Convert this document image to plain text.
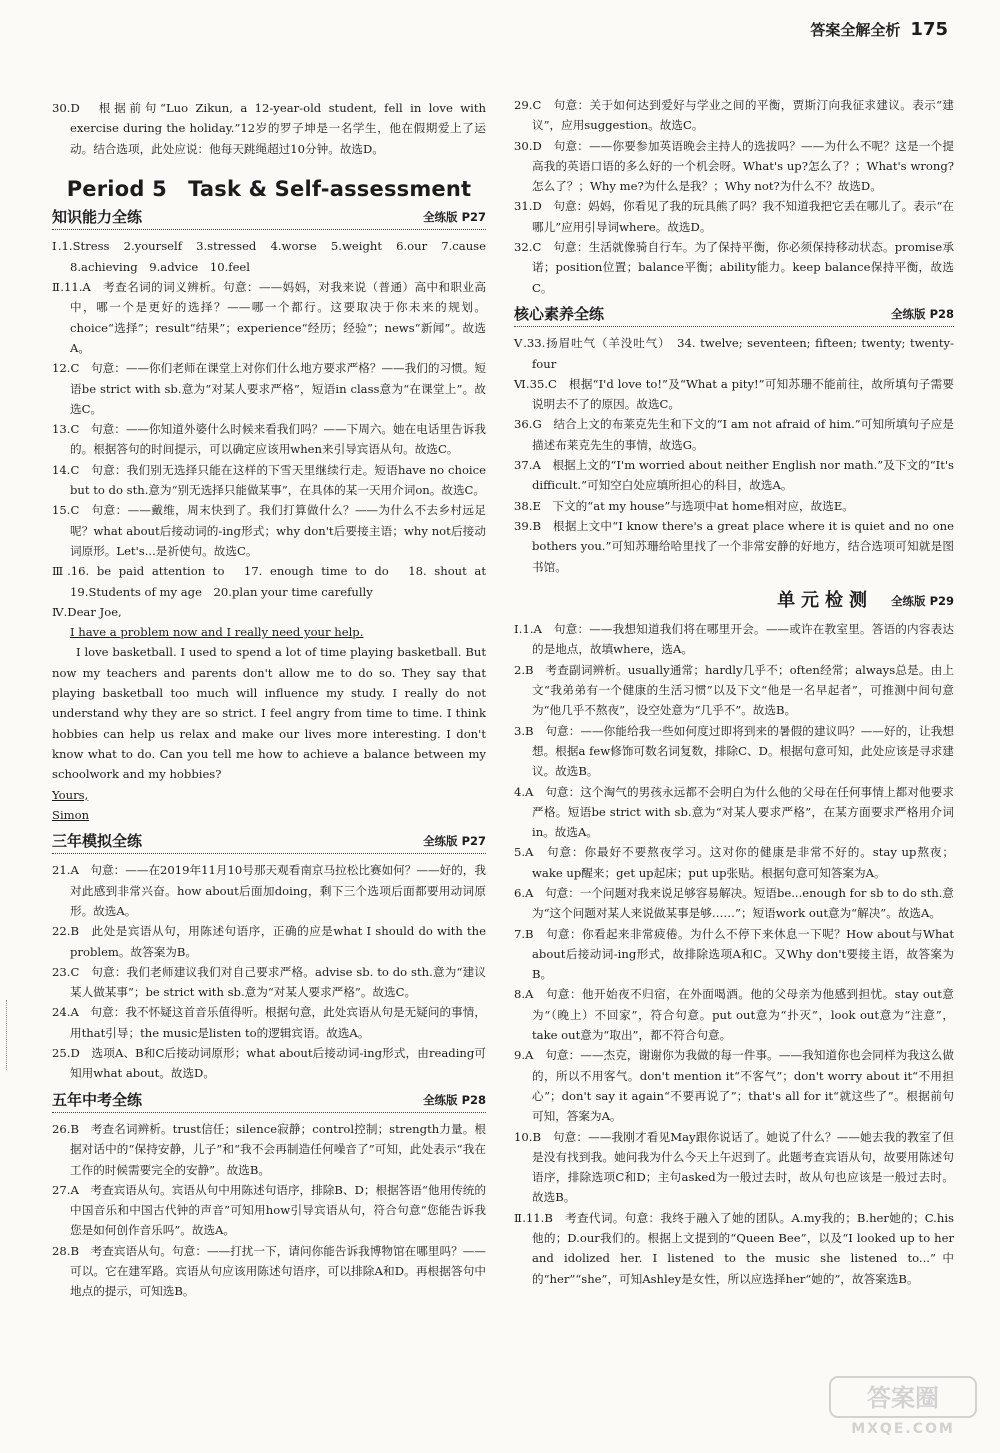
答案全解全析 175

30.D　根据前句“Luo Zikun, a 12-year-old student, fell in love with exercise during the holiday.”12岁的罗子坤是一名学生，他在假期爱上了运动。结合选项，此处应说：他每天跳绳超过10分钟。故选D。

Period 5　Task & Self-assessment
知识能力全练	全练版 P27

Ⅰ.1.Stress　2.yourself　3.stressed　4.worse　5.weight　6.our　7.cause　8.achieving　9.advice　10.feel

Ⅱ.11.A　考查名词的词义辨析。句意：——妈妈，对我来说（普通）高中和职业高中，哪一个是更好的选择？——哪一个都行。这要取决于你未来的规划。choice“选择”；result“结果”；experience“经历；经验”；news“新闻”。故选A。

12.C　句意：——你们老师在课堂上对你们什么地方要求严格？——我们的习惯。短语be strict with sb.意为“对某人要求严格”，短语in class意为“在课堂上”。故选C。

13.C　句意：——你知道外婆什么时候来看我们吗？——下周六。她在电话里告诉我的。根据答句的时间提示，可以确定应该用when来引导宾语从句。故选C。

14.C　句意：我们别无选择只能在这样的下雪天里继续行走。短语have no choice but to do sth.意为“别无选择只能做某事”，在具体的某一天用介词on。故选C。

15.C　句意：——戴维，周末快到了。我们打算做什么？——为什么不去乡村远足呢？what about后接动词的-ing形式；why don't后要接主语；why not后接动词原形。Let's...是祈使句。故选C。

Ⅲ.16. be paid attention to　17. enough time to do　18. shout at　19.Students of my age　20.plan your time carefully

Ⅳ.Dear Joe,

I have a problem now and I really need your help.

I love basketball. I used to spend a lot of time playing basketball. But now my teachers and parents don't allow me to do so. They say that playing basketball too much will influence my study. I really do not understand why they are so strict. I feel angry from time to time. I think hobbies can help us relax and make our lives more interesting. I don't know what to do. Can you tell me how to achieve a balance between my schoolwork and my hobbies?

Yours,

Simon

三年模拟全练	全练版 P27

21.A　句意：——在2019年11月10号那天观看南京马拉松比赛如何？——好的，我对此感到非常兴奋。how about后面加doing，剩下三个选项后面都要用动词原形。故选A。

22.B　此处是宾语从句，用陈述句语序，正确的应是what I should do with the problem。故答案为B。

23.C　句意：我们老师建议我们对自己要求严格。advise sb. to do sth.意为“建议某人做某事”；be strict with sb.意为“对某人要求严格”。故选C。

24.A　句意：我不怀疑这首音乐值得听。根据句意，此处宾语从句是无疑问的事情，用that引导；the music是listen to的逻辑宾语。故选A。

25.D　选项A、B和C后接动词原形；what about后接动词-ing形式，由reading可知用what about。故选D。

五年中考全练	全练版 P28

26.B　考查名词辨析。trust信任；silence寂静；control控制；strength力量。根据对话中的“保持安静，儿子”和“我不会再制造任何噪音了”可知，此处表示“我在工作的时候需要完全的安静”。故选B。

27.A　考查宾语从句。宾语从句中用陈述句语序，排除B、D；根据答语“他用传统的中国音乐和中国古代钟的声音”可知用how引导宾语从句，符合句意“您能告诉我您是如何创作音乐吗”。故选A。

28.B　考查宾语从句。句意：——打扰一下，请问你能告诉我博物馆在哪里吗？——可以。它在建军路。宾语从句应该用陈述句语序，可以排除A和D。再根据答句中地点的提示，可知选B。

29.C　句意：关于如何达到爱好与学业之间的平衡，贾斯汀向我征求建议。表示“建议”，应用suggestion。故选C。

30.D　句意：——你要参加英语晚会主持人的选拔吗？——为什么不呢？这是一个提高我的英语口语的多么好的一个机会呀。What's up?怎么了？；What's wrong?怎么了？；Why me?为什么是我？；Why not?为什么不？故选D。

31.D　句意：妈妈，你看见了我的玩具熊了吗？我不知道我把它丢在哪儿了。表示“在哪儿”应用引导词where。故选D。

32.C　句意：生活就像骑自行车。为了保持平衡，你必须保持移动状态。promise承诺；position位置；balance平衡；ability能力。keep balance保持平衡，故选C。

核心素养全练	全练版 P28

Ⅴ.33.扬眉吐气（羊没吐气）　34. twelve; seventeen; fifteen; twenty; twenty-four

Ⅵ.35.C　根据“I'd love to!”及“What a pity!”可知苏珊不能前往，故所填句子需要说明去不了的原因。故选C。

36.G　结合上文的布莱克先生和下文的“I am not afraid of him.”可知所填句子应是描述布莱克先生的事情，故选G。

37.A　根据上文的“I'm worried about neither English nor math.”及下文的“It's difficult.”可知空白处应填所担心的科目，故选A。

38.E　下文的“at my house”与选项中at home相对应，故选E。

39.B　根据上文中“I know there's a great place where it is quiet and no one bothers you.”可知苏珊给哈里找了一个非常安静的好地方，结合选项可知就是图书馆。

单元检测 全练版 P29

Ⅰ.1.A　句意：——我想知道我们将在哪里开会。——或许在教室里。答语的内容表达的是地点，故填where，选A。

2.B　考查副词辨析。usually通常；hardly几乎不；often经常；always总是。由上文“我弟弟有一个健康的生活习惯”以及下文“他是一名早起者”，可推测中间句意为“他几乎不熬夜”，设空处意为“几乎不”。故选B。

3.B　句意：——你能给我一些如何度过即将到来的暑假的建议吗？——好的，让我想想。根据a few修饰可数名词复数，排除C、D。根据句意可知，此处应该是寻求建议。故选B。

4.A　句意：这个淘气的男孩永远都不会明白为什么他的父母在任何事情上都对他要求严格。短语be strict with sb.意为“对某人要求严格”，在某方面要求严格用介词in。故选A。

5.A　句意：你最好不要熬夜学习。这对你的健康是非常不好的。stay up熬夜；wake up醒来；get up起床；put up张贴。根据句意可知答案为A。

6.A　句意：一个问题对我来说足够容易解决。短语be...enough for sb to do sth.意为“这个问题对某人来说做某事是够……”；短语work out意为“解决”。故选A。

7.B　句意：你看起来非常疲倦。为什么不停下来休息一下呢？How about与What about后接动词-ing形式，故排除选项A和C。又Why don't要接主语，故答案为B。

8.A　句意：他开始夜不归宿，在外面喝酒。他的父母亲为他感到担忧。stay out意为“（晚上）不回家”，符合句意。put out意为“扑灭”，look out意为“注意”，take out意为“取出”，都不符合句意。

9.A　句意：——杰克，谢谢你为我做的每一件事。——我知道你也会同样为我这么做的，所以不用客气。don't mention it“不客气”；don't worry about it“不用担心”；don't say it again“不要再说了”；that's all for it“就这些了”。根据前句可知，答案为A。

10.B　句意：——我刚才看见May跟你说话了。她说了什么？——她去我的教室了但是没有找到我。她问我为什么今天上午迟到了。此题考查宾语从句，故要用陈述句语序，排除选项C和D；主句asked为一般过去时，故从句也应该是一般过去时。故选B。

Ⅱ.11.B　考查代词。句意：我终于融入了她的团队。A.my我的；B.her她的；C.his他的；D.our我们的。根据上文提到的“Queen Bee”，以及“I looked up to her and idolized her. I listened to the music she listened to...”中的“her”“she”，可知Ashley是女性，所以应选择her“她的”，故答案选B。

答案圈
MXQE.COM
